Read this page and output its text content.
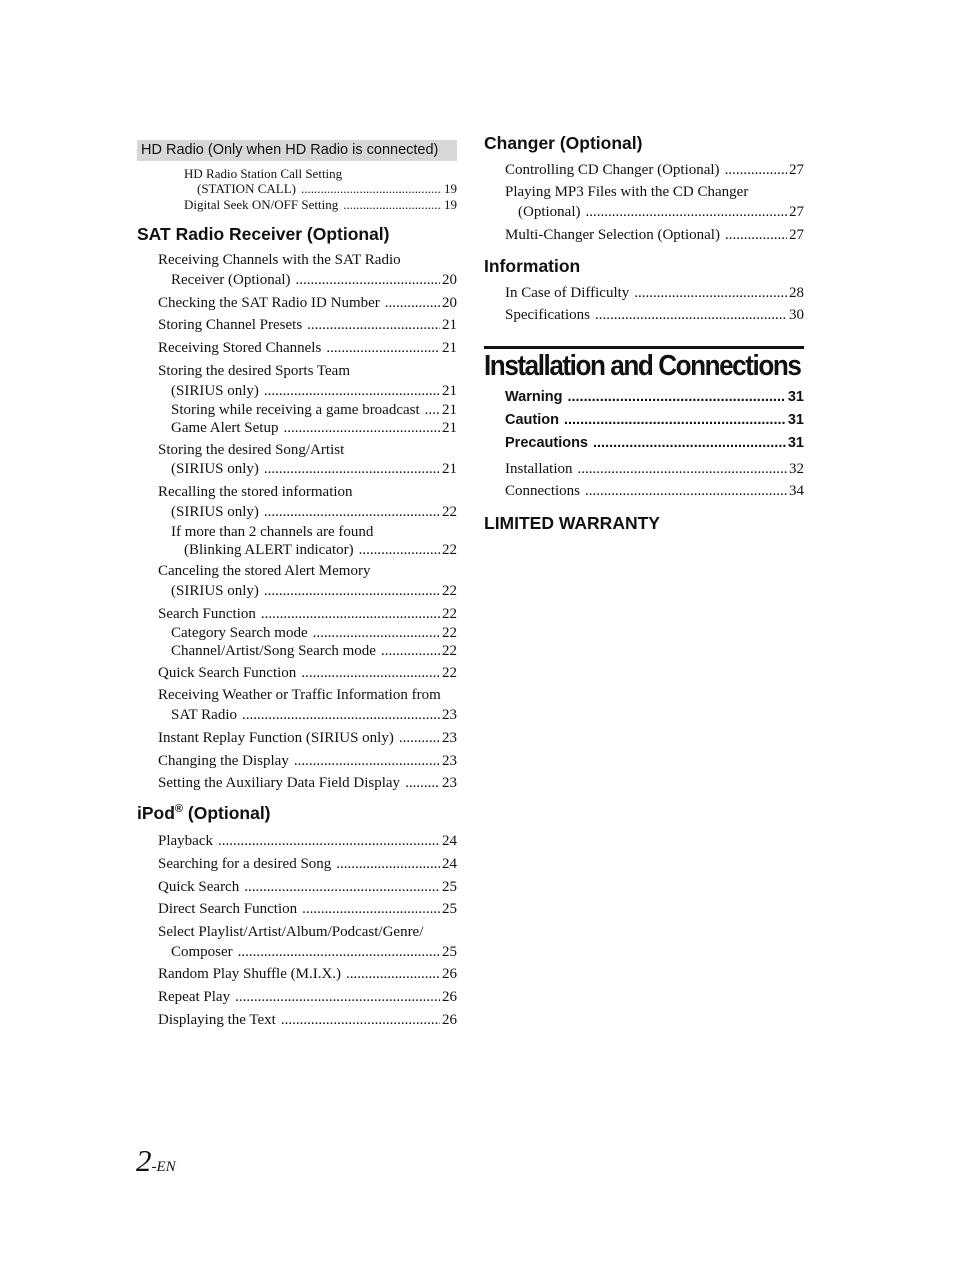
HD Radio (Only when HD Radio is connected)
HD Radio Station Call Setting
(STATION CALL) .....	19
Digital Seek ON/OFF Setting .....	19
SAT Radio Receiver (Optional)
Receiving Channels with the SAT Radio
Receiver (Optional) .....	20
Checking the SAT Radio ID Number .....	20
Storing Channel Presets .....	21
Receiving Stored Channels .....	21
Storing the desired Sports Team
(SIRIUS only) .....	21
Storing while receiving a game broadcast ..... 21
Game Alert Setup .....	21
Storing the desired Song/Artist
(SIRIUS only) .....	21
Recalling the stored information
(SIRIUS only) .....	22
If more than 2 channels are found
(Blinking ALERT indicator) .....	22
Canceling the stored Alert Memory
(SIRIUS only) .....	22
Search Function .....	22
Category Search mode .....	22
Channel/Artist/Song Search mode .....	22
Quick Search Function .....	22
Receiving Weather or Traffic Information from
SAT Radio .....	23
Instant Replay Function (SIRIUS only) .....	23
Changing the Display .....	23
Setting the Auxiliary Data Field Display .....	23
iPod® (Optional)
Playback .....	24
Searching for a desired Song .....	24
Quick Search .....	25
Direct Search Function .....	25
Select Playlist/Artist/Album/Podcast/Genre/
Composer .....	25
Random Play Shuffle (M.I.X.) .....	26
Repeat Play .....	26
Displaying the Text .....	26
Changer (Optional)
Controlling CD Changer (Optional) .....	27
Playing MP3 Files with the CD Changer
(Optional) .....	27
Multi-Changer Selection (Optional) .....	27
Information
In Case of Difficulty .....	28
Specifications .....	30
Installation and Connections
Warning .....	31
Caution .....	31
Precautions .....	31
Installation .....	32
Connections .....	34
LIMITED WARRANTY
2-EN
